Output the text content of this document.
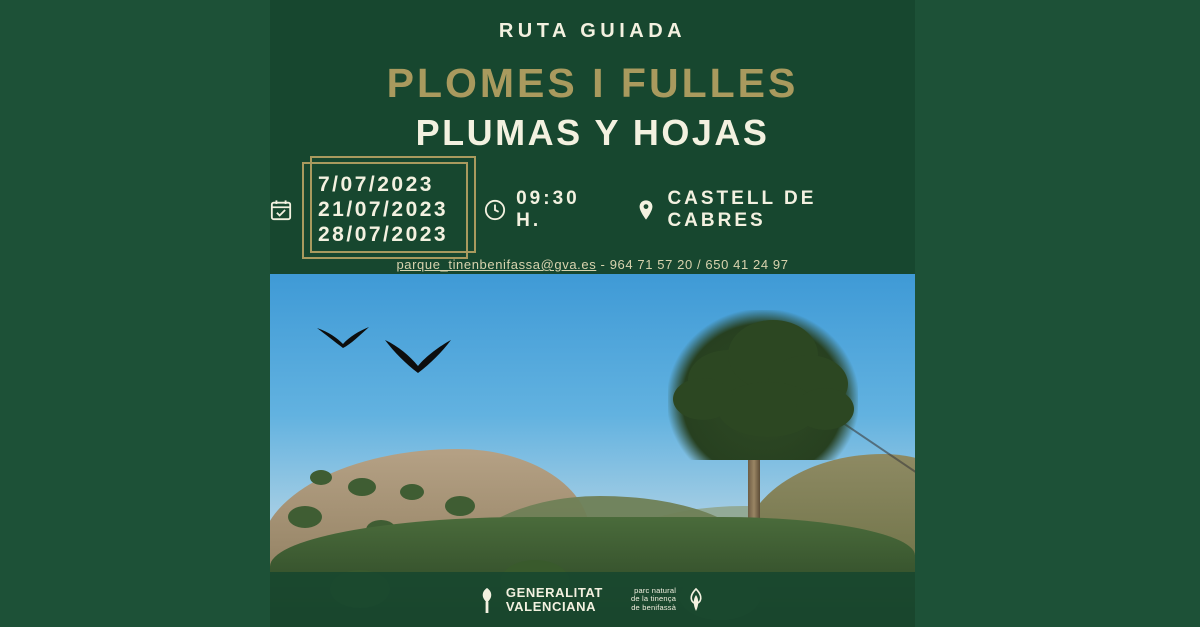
RUTA GUIADA
PLOMES I FULLES
PLUMAS Y HOJAS
7/07/2023
21/07/2023
28/07/2023
09:30 H.
CASTELL DE CABRES
parque_tinenbenifassa@gva.es - 964 71 57 20 / 650 41 24 97
GENERALITAT
VALENCIANA
parc natural
de la tinença
de benifassà
